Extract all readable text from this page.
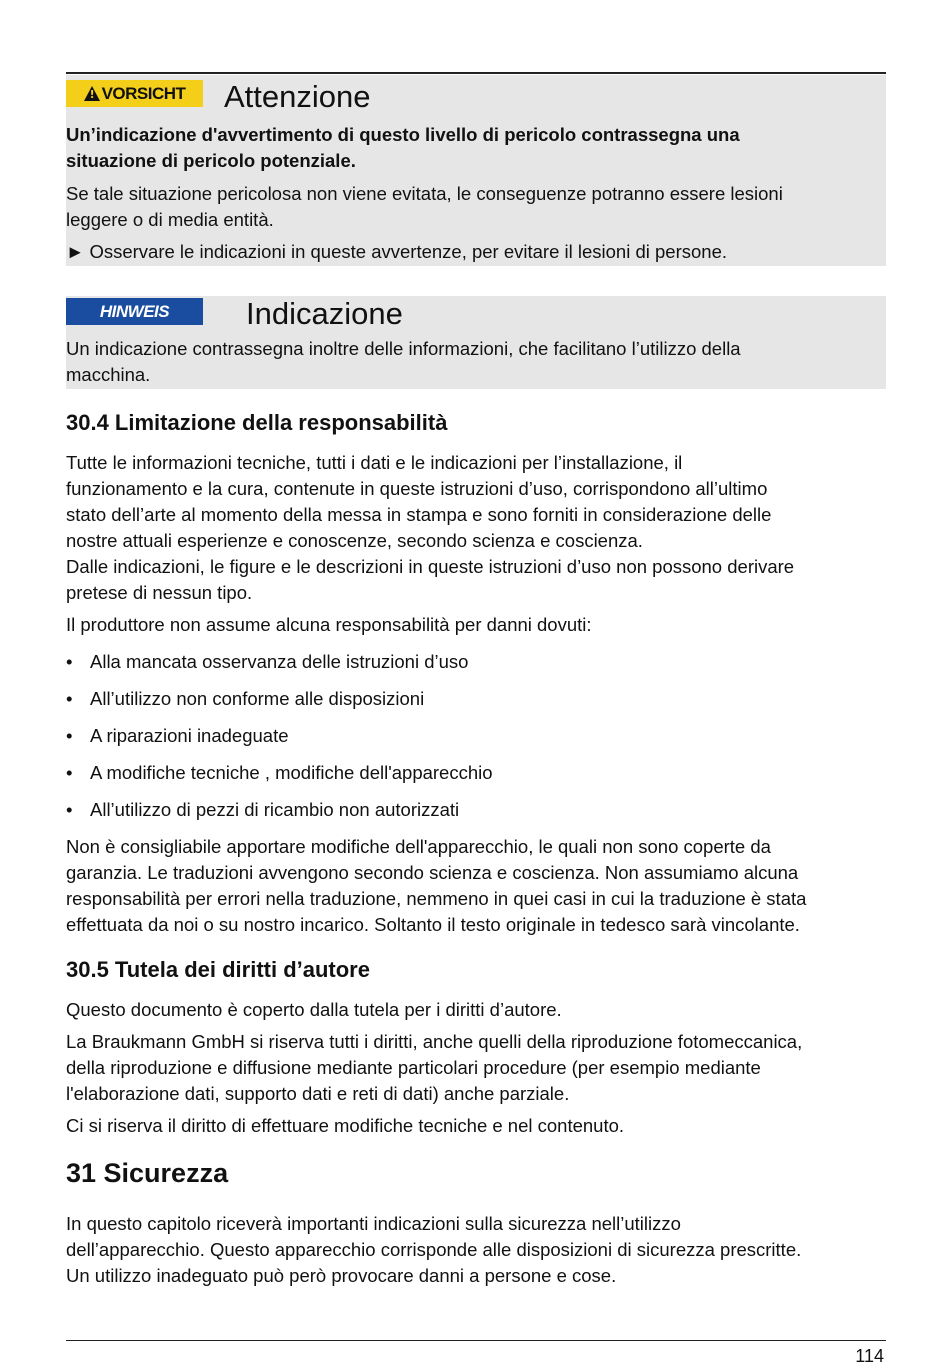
!
VORSICHT Attenzione
Un’indicazione d'avvertimento di questo livello di pericolo contrassegna una
situazione di pericolo potenziale.
Se tale situazione pericolosa non viene evitata, le conseguenze potranno essere lesioni
leggere o di media entità.
► Osservare le indicazioni in queste avvertenze, per evitare il lesioni di persone.
HINWEIS	Indicazione
Un indicazione contrassegna inoltre delle informazioni, che facilitano l’utilizzo della
macchina.
30.4 Limitazione della responsabilità
Tutte le informazioni tecniche, tutti i dati e le indicazioni per l’installazione, il
funzionamento e la cura, contenute in queste istruzioni d’uso, corrispondono all’ultimo
stato dell’arte al momento della messa in stampa e sono forniti in considerazione delle
nostre attuali esperienze e conoscenze, secondo scienza e coscienza.
Dalle indicazioni, le figure e le descrizioni in queste istruzioni d’uso non possono derivare
pretese di nessun tipo.
Il produttore non assume alcuna responsabilità per danni dovuti:
• Alla mancata osservanza delle istruzioni d’uso
• All’utilizzo non conforme alle disposizioni
• A riparazioni inadeguate
• A modifiche tecniche , modifiche dell'apparecchio
• All’utilizzo di pezzi di ricambio non autorizzati
Non è consigliabile apportare modifiche dell'apparecchio, le quali non sono coperte da
garanzia. Le traduzioni avvengono secondo scienza e coscienza. Non assumiamo alcuna
responsabilità per errori nella traduzione, nemmeno in quei casi in cui la traduzione è stata
effettuata da noi o su nostro incarico. Soltanto il testo originale in tedesco sarà vincolante.
30.5 Tutela dei diritti d’autore
Questo documento è coperto dalla tutela per i diritti d’autore.
La Braukmann GmbH si riserva tutti i diritti, anche quelli della riproduzione fotomeccanica,
della riproduzione e diffusione mediante particolari procedure (per esempio mediante
l'elaborazione dati, supporto dati e reti di dati) anche parziale.
Ci si riserva il diritto di effettuare modifiche tecniche e nel contenuto.
31 Sicurezza
In questo capitolo riceverà importanti indicazioni sulla sicurezza nell’utilizzo
dell’apparecchio. Questo apparecchio corrisponde alle disposizioni di sicurezza prescritte.
Un utilizzo inadeguato può però provocare danni a persone e cose.
114
